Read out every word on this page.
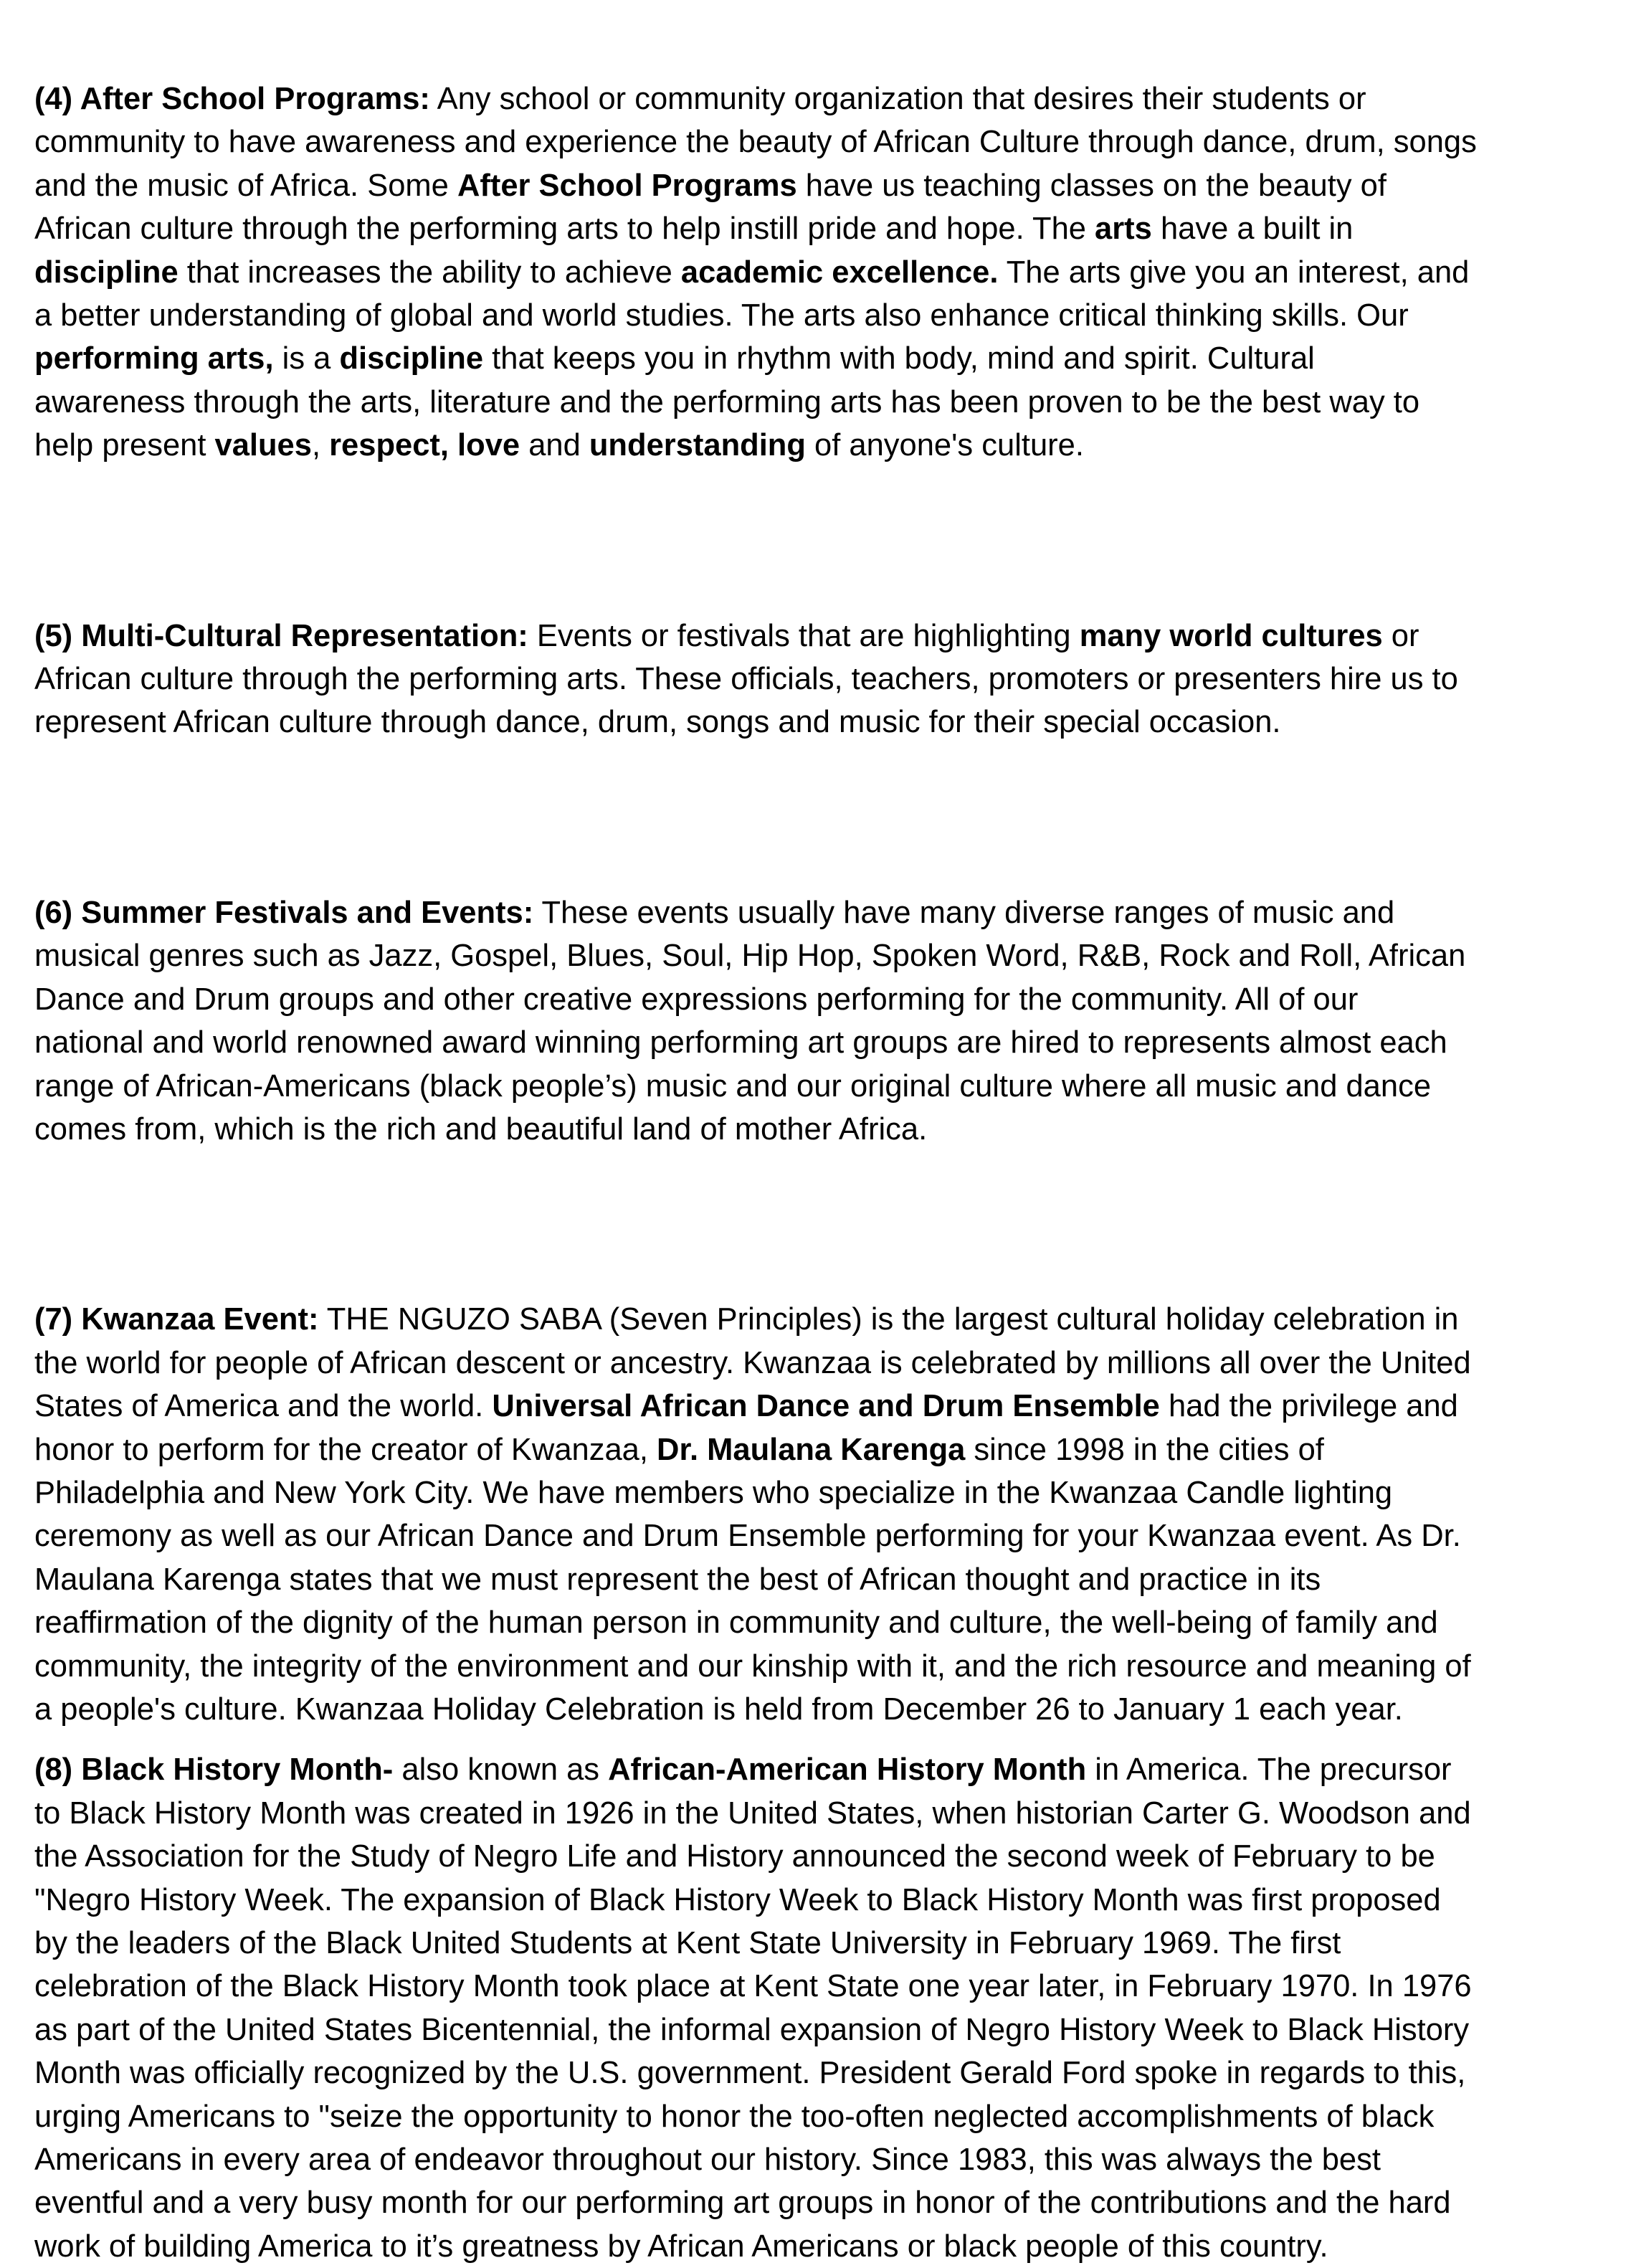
(4) After School Programs: Any school or community organization that desires their students or
community to have awareness and experience the beauty of African Culture through dance, drum, songs
and the music of Africa. Some After School Programs have us teaching classes on the beauty of
African culture through the performing arts to help instill pride and hope. The arts have a built in
discipline that increases the ability to achieve academic excellence. The arts give you an interest, and
a better understanding of global and world studies. The arts also enhance critical thinking skills. Our
performing arts, is a discipline that keeps you in rhythm with body, mind and spirit. Cultural
awareness through the arts, literature and the performing arts has been proven to be the best way to
help present values, respect, love and understanding of anyone's culture.
(5) Multi-Cultural Representation: Events or festivals that are highlighting many world cultures or
African culture through the performing arts. These officials, teachers, promoters or presenters hire us to
represent African culture through dance, drum, songs and music for their special occasion.
(6) Summer Festivals and Events: These events usually have many diverse ranges of music and
musical genres such as Jazz, Gospel, Blues, Soul, Hip Hop, Spoken Word, R&B, Rock and Roll, African
Dance and Drum groups and other creative expressions performing for the community. All of our
national and world renowned award winning performing art groups are hired to represents almost each
range of African-Americans (black people’s) music and our original culture where all music and dance
comes from, which is the rich and beautiful land of mother Africa.
(7) Kwanzaa Event: THE NGUZO SABA (Seven Principles) is the largest cultural holiday celebration in
the world for people of African descent or ancestry. Kwanzaa is celebrated by millions all over the United
States of America and the world. Universal African Dance and Drum Ensemble had the privilege and
honor to perform for the creator of Kwanzaa, Dr. Maulana Karenga since 1998 in the cities of
Philadelphia and New York City. We have members who specialize in the Kwanzaa Candle lighting
ceremony as well as our African Dance and Drum Ensemble performing for your Kwanzaa event. As Dr.
Maulana Karenga states that we must represent the best of African thought and practice in its
reaffirmation of the dignity of the human person in community and culture, the well-being of family and
community, the integrity of the environment and our kinship with it, and the rich resource and meaning of
a people's culture. Kwanzaa Holiday Celebration is held from December 26 to January 1 each year.
(8) Black History Month- also known as African-American History Month in America. The precursor
to Black History Month was created in 1926 in the United States, when historian Carter G. Woodson and
the Association for the Study of Negro Life and History announced the second week of February to be
"Negro History Week. The expansion of Black History Week to Black History Month was first proposed
by the leaders of the Black United Students at Kent State University in February 1969. The first
celebration of the Black History Month took place at Kent State one year later, in February 1970. In 1976
as part of the United States Bicentennial, the informal expansion of Negro History Week to Black History
Month was officially recognized by the U.S. government. President Gerald Ford spoke in regards to this,
urging Americans to "seize the opportunity to honor the too-often neglected accomplishments of black
Americans in every area of endeavor throughout our history. Since 1983, this was always the best
eventful and a very busy month for our performing art groups in honor of the contributions and the hard
work of building America to it’s greatness by African Americans or black people of this country.
